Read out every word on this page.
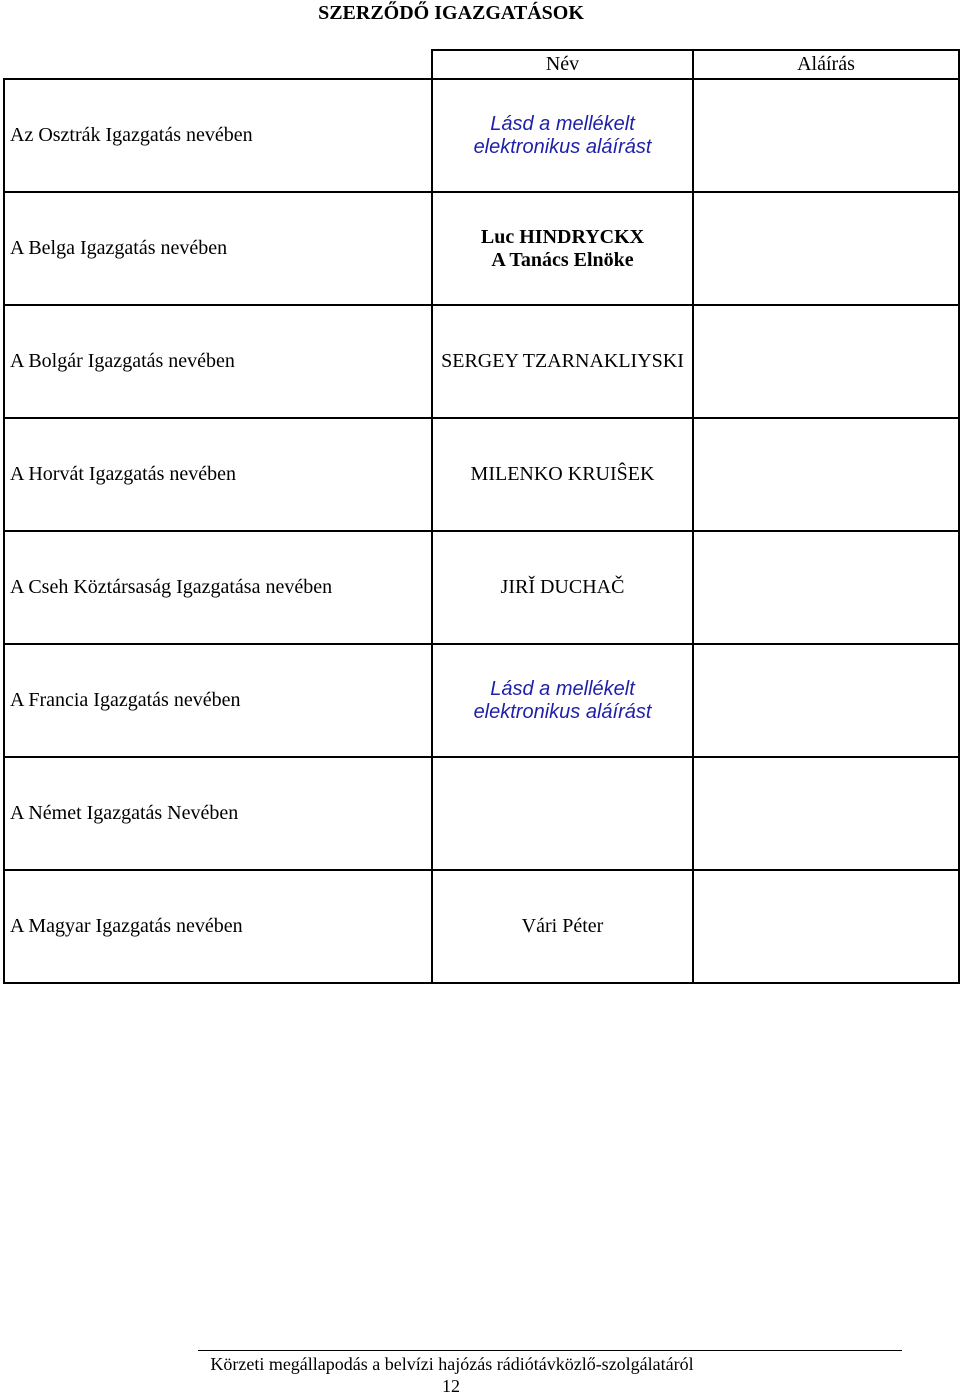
SZERZŐDŐ IGAZGATÁSOK
	Név	Aláírás
Az Osztrák Igazgatás nevében	Lásd a mellékelt
elektronikus aláírást	

A Belga Igazgatás nevében	Luc HINDRYCKX
A Tanács Elnöke	

A Bolgár Igazgatás nevében	SERGEY TZARNAKLIYSKI	

A Horvát Igazgatás nevében	MILENKO KRUIŜEK	

A Cseh Köztársaság Igazgatása nevében	JIRǏ DUCHAČ	

A Francia Igazgatás nevében	Lásd a mellékelt
elektronikus aláírást	

A Német Igazgatás Nevében		
A Magyar Igazgatás nevében	Vári Péter	

Körzeti megállapodás a belvízi hajózás rádiótávközlő-szolgálatáról
12
